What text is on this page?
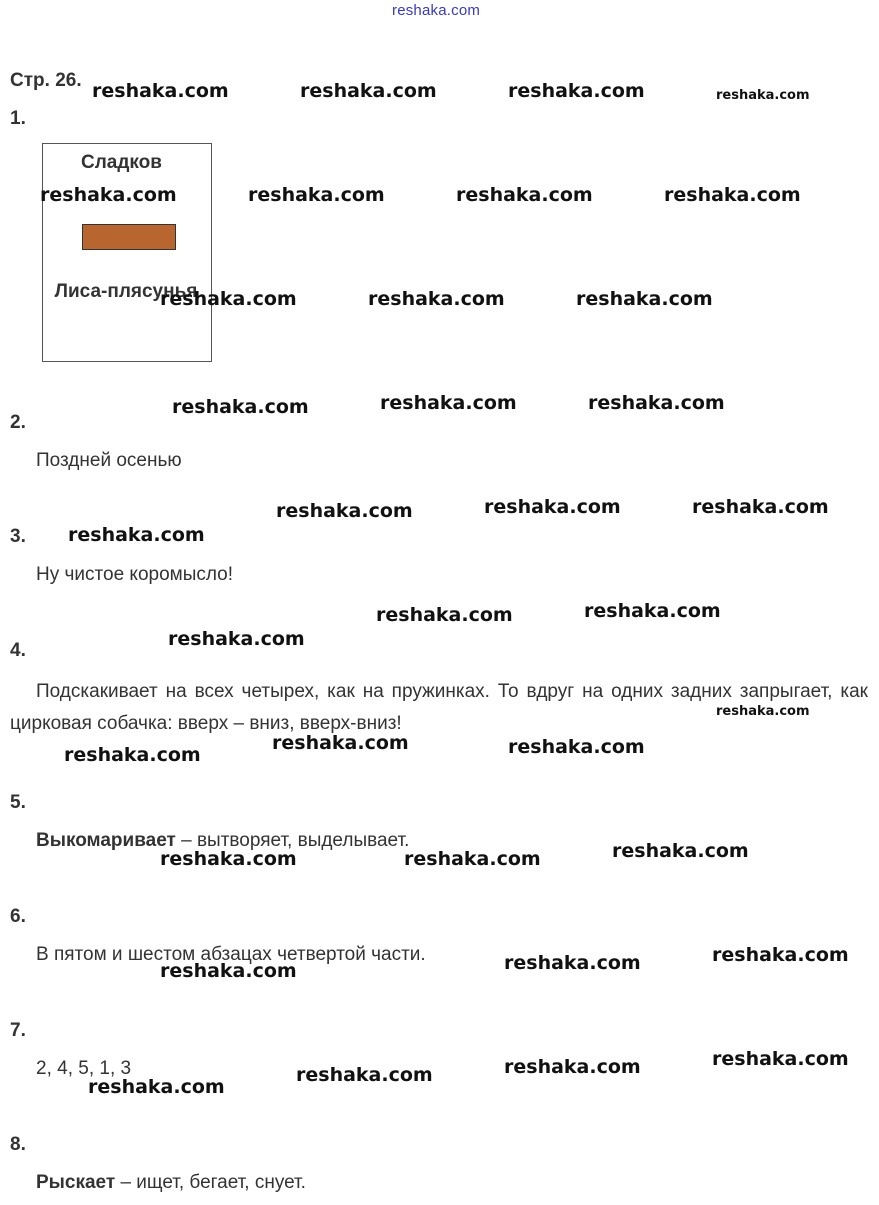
reshaka.com
Стр. 26.
1.
Сладков
Лиса-плясунья
2.
Поздней осенью
3.
Ну чистое коромысло!
4.
Подскакивает на всех четырех, как на пружинках. То вдруг на одних задних запрыгает, как цирковая собачка: вверх – вниз, вверх-вниз!
5.
Выкомаривает – вытворяет, выделывает.
6.
В пятом и шестом абзацах четвертой части.
7.
2, 4, 5, 1, 3
8.
Рыскает – ищет, бегает, снует.
reshaka.com	reshaka.com	reshaka.com	reshaka.com
reshaka.com	reshaka.com	reshaka.com	reshaka.com
reshaka.com	reshaka.com	reshaka.com
reshaka.com	reshaka.com	reshaka.com
reshaka.com	reshaka.com	reshaka.com
reshaka.com
reshaka.com	reshaka.com
reshaka.com
reshaka.com
reshaka.com	reshaka.com
reshaka.com
reshaka.com
reshaka.com	reshaka.com
reshaka.com
reshaka.com
reshaka.com
reshaka.com
reshaka.com
reshaka.com
reshaka.com
